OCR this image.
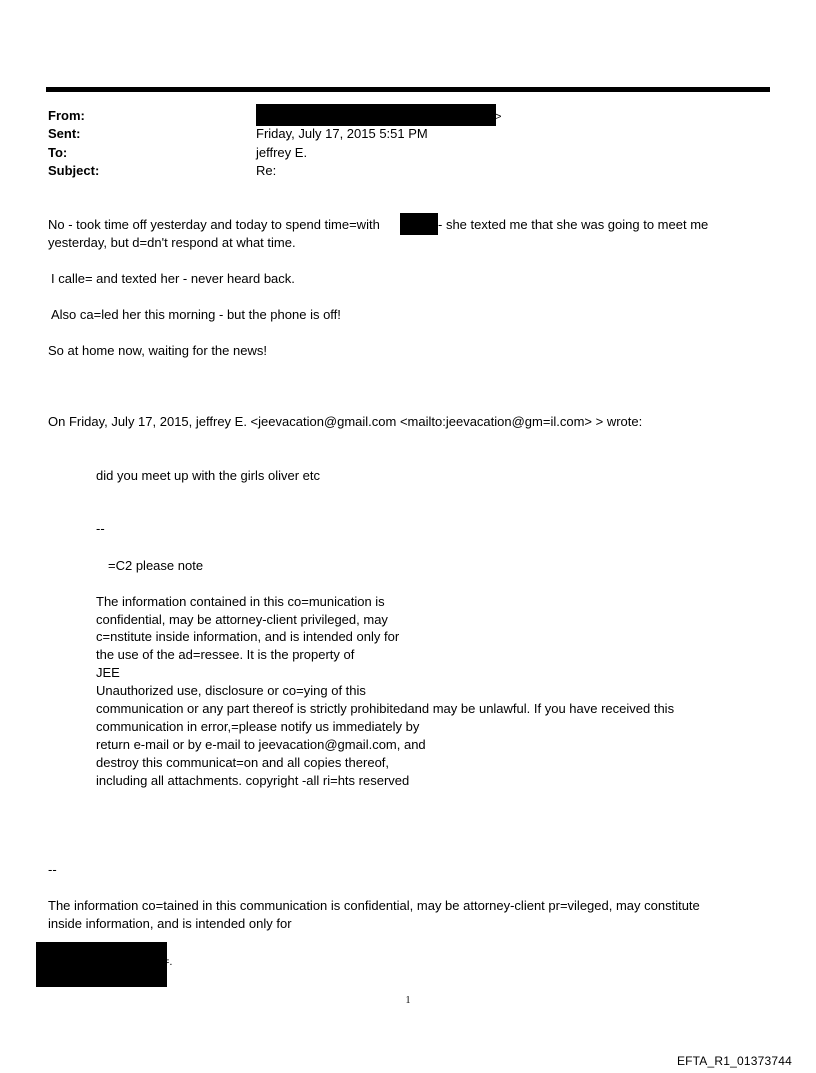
From:	>
Sent:	Friday, July 17, 2015 5:51 PM
To:	jeffrey E.
Subject:	Re:
No - took time off yesterday and today to spend time=with	- she texted me that she was going to meet me
yesterday, but d=dn't respond at what time.
I calle= and texted her - never heard back.
Also ca=led her this morning - but the phone is off!
So at home now, waiting for the news!
On Friday, July 17, 2015, jeffrey E. <jeevacation@gmail.com <mailto:jeevacation@gm=il.com> > wrote:
did you meet up with the girls oliver etc
--
=C2 please note
The information contained in this co=munication is
confidential, may be attorney-client privileged, may
c=nstitute inside information, and is intended only for
the use of the ad=ressee. It is the property of
JEE
Unauthorized use, disclosure or co=ying of this
communication or any part thereof is strictly prohibitedand may be unlawful. If you have received this
communication in error,=please notify us immediately by
return e-mail or by e-mail to jeevacation@gmail.com, and
destroy this communicat=on and all copies thereof,
including all attachments. copyright -all ri=hts reserved
--
The information co=tained in this communication is confidential, may be attorney-client pr=vileged, may constitute
inside information, and is intended only for
=.
1
EFTA_R1_01373744
